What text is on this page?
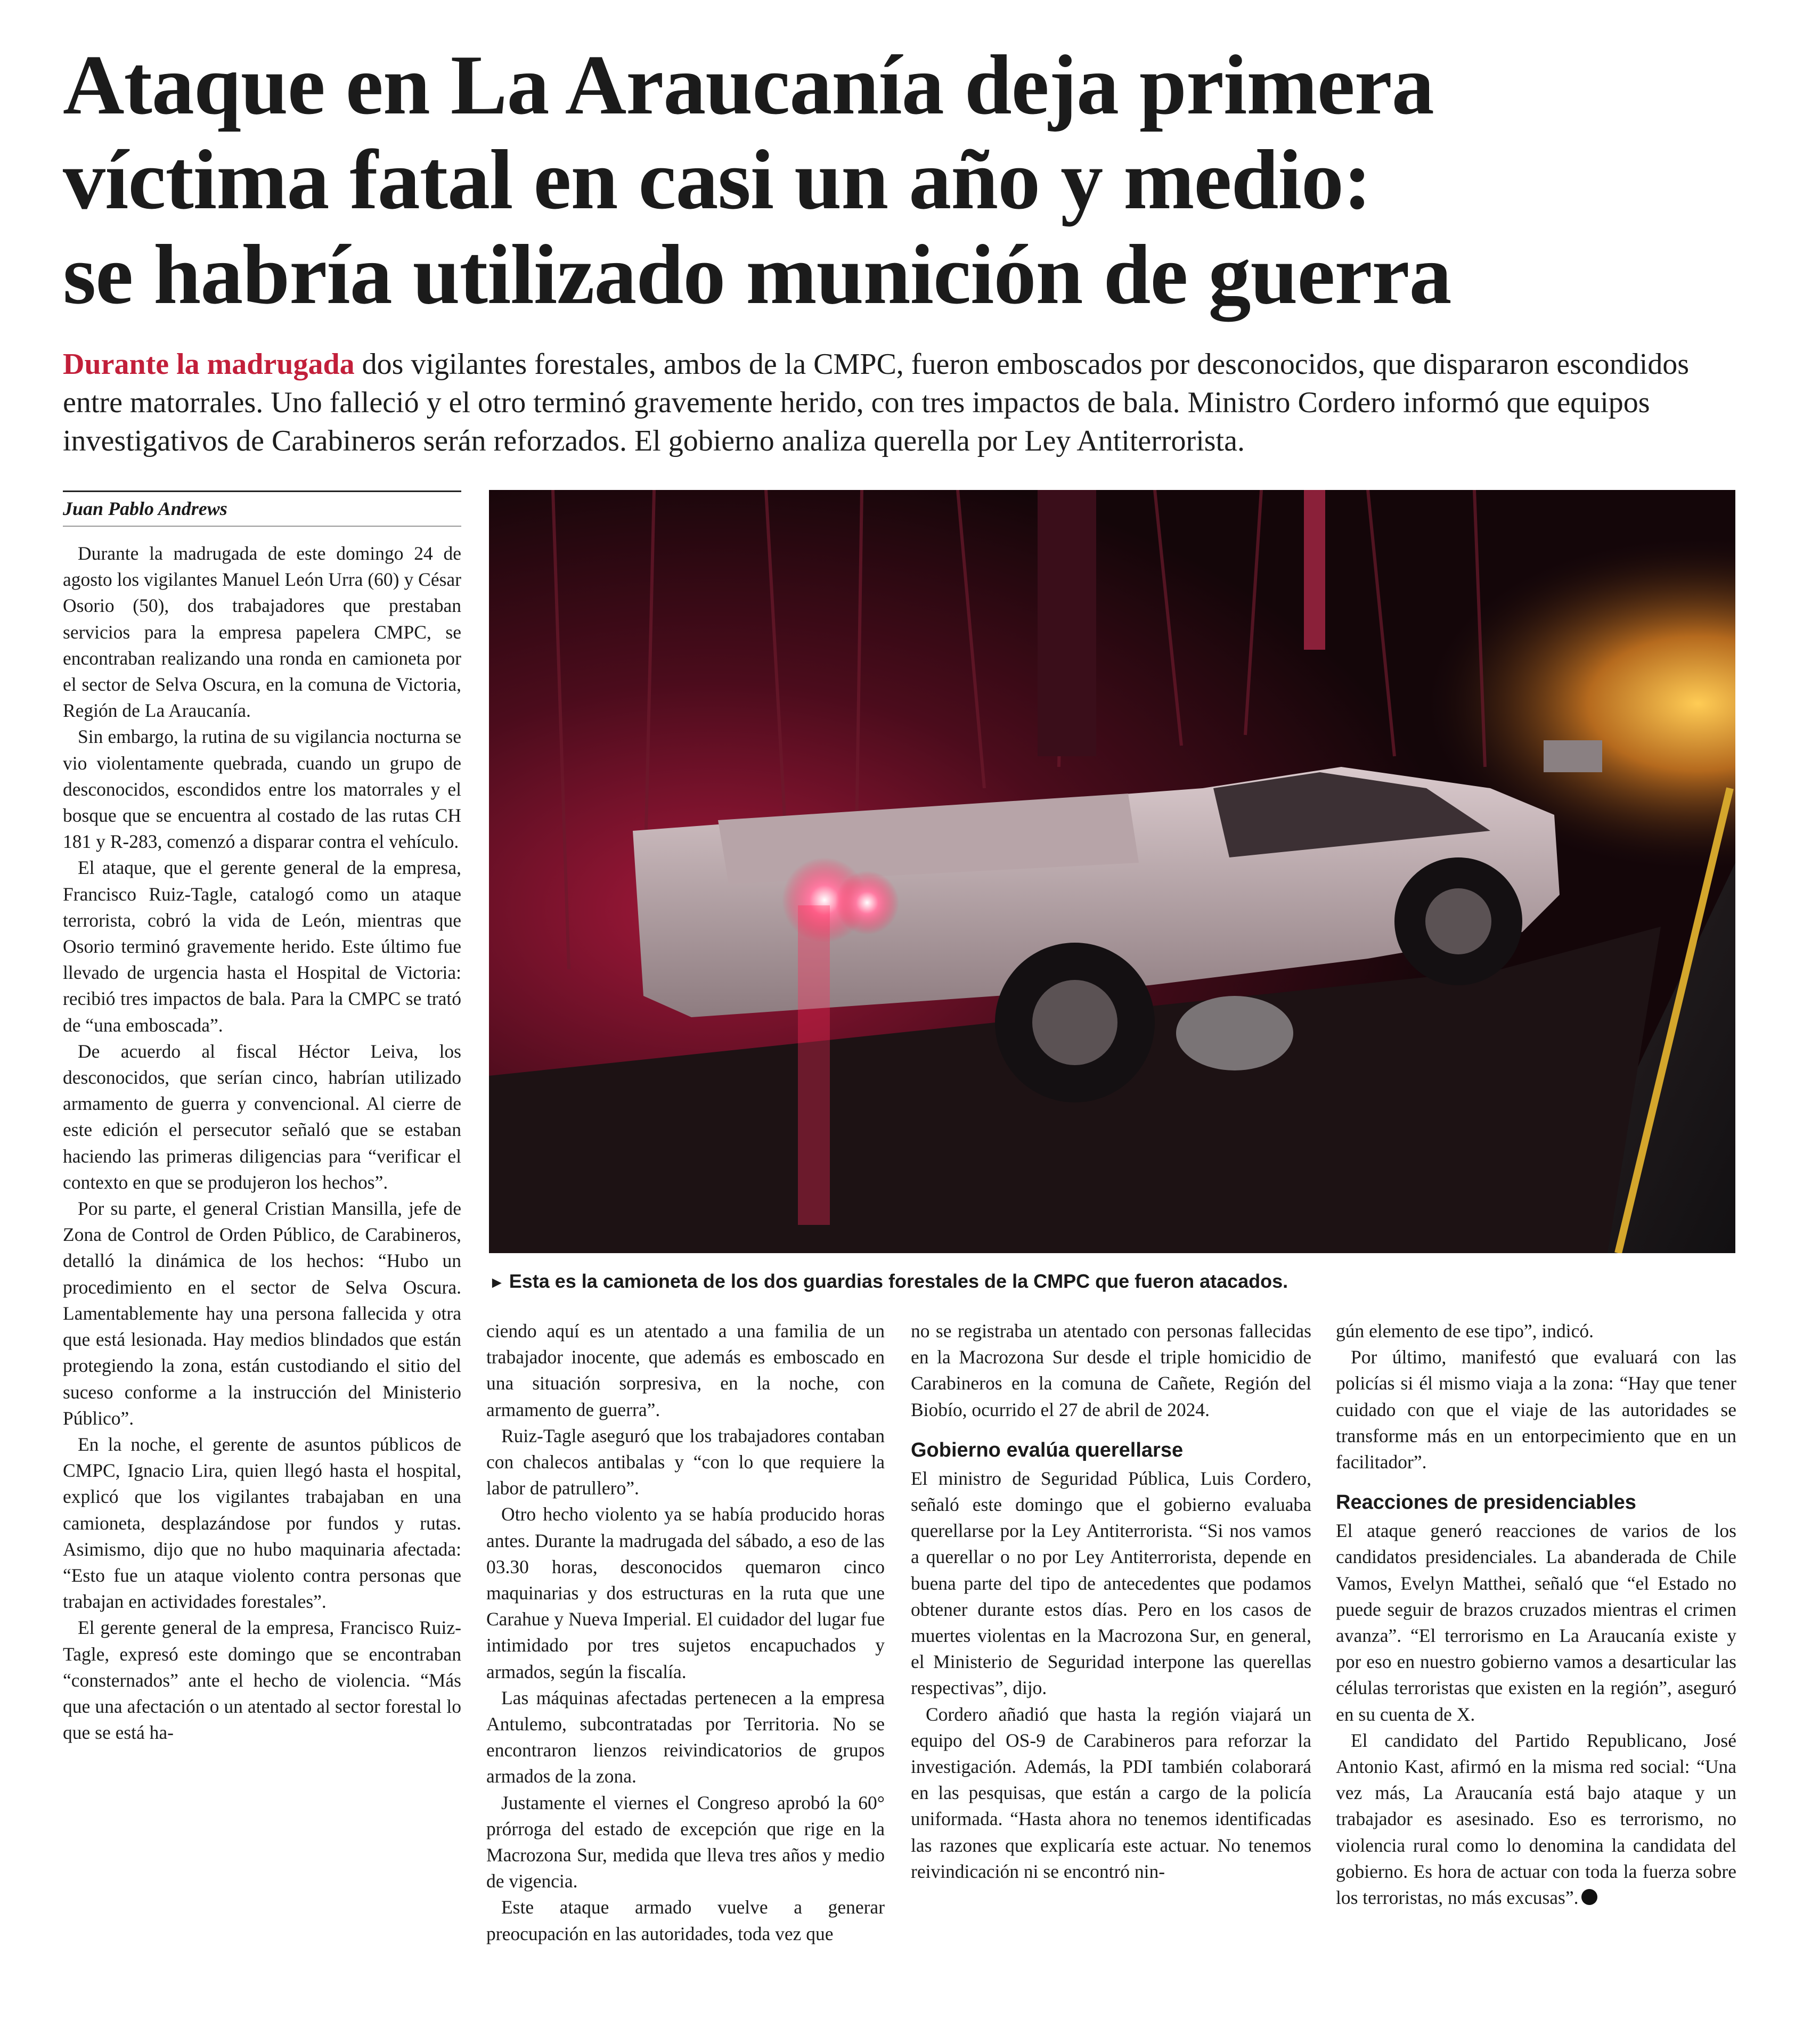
Ataque en La Araucanía deja primera
víctima fatal en casi un año y medio:
se habría utilizado munición de guerra
Durante la madrugada dos vigilantes forestales, ambos de la CMPC, fueron emboscados por desconocidos, que dispararon escondidos entre matorrales. Uno falleció y el otro terminó gravemente herido, con tres impactos de bala. Ministro Cordero informó que equipos investigativos de Carabineros serán reforzados. El gobierno analiza querella por Ley Antiterrorista.
Juan Pablo Andrews

Durante la madrugada de este domingo 24 de agosto los vigilantes Manuel León Urra (60) y César Osorio (50), dos trabajadores que prestaban servicios para la empresa papelera CMPC, se encontraban realizando una ronda en camioneta por el sector de Selva Oscura, en la comuna de Victoria, Región de La Araucanía.

Sin embargo, la rutina de su vigilancia nocturna se vio violentamente quebrada, cuando un grupo de desconocidos, escondidos entre los matorrales y el bosque que se encuentra al costado de las rutas CH 181 y R-283, comenzó a disparar contra el vehículo.

El ataque, que el gerente general de la empresa, Francisco Ruiz-Tagle, catalogó como un ataque terrorista, cobró la vida de León, mientras que Osorio terminó gravemente herido. Este último fue llevado de urgencia hasta el Hospital de Victoria: recibió tres impactos de bala. Para la CMPC se trató de “una emboscada”.

De acuerdo al fiscal Héctor Leiva, los desconocidos, que serían cinco, habrían utilizado armamento de guerra y convencional. Al cierre de este edición el persecutor señaló que se estaban haciendo las primeras diligencias para “verificar el contexto en que se produjeron los hechos”.

Por su parte, el general Cristian Mansilla, jefe de Zona de Control de Orden Público, de Carabineros, detalló la dinámica de los hechos: “Hubo un procedimiento en el sector de Selva Oscura. Lamentablemente hay una persona fallecida y otra que está lesionada. Hay medios blindados que están protegiendo la zona, están custodiando el sitio del suceso conforme a la instrucción del Ministerio Público”.

En la noche, el gerente de asuntos públicos de CMPC, Ignacio Lira, quien llegó hasta el hospital, explicó que los vigilantes trabajaban en una camioneta, desplazándose por fundos y rutas. Asimismo, dijo que no hubo maquinaria afectada: “Esto fue un ataque violento contra personas que trabajan en actividades forestales”.

El gerente general de la empresa, Francisco Ruiz-Tagle, expresó este domingo que se encontraban “consternados” ante el hecho de violencia. “Más que una afectación o un atentado al sector forestal lo que se está ha-

► Esta es la camioneta de los dos guardias forestales de la CMPC que fueron atacados.

ciendo aquí es un atentado a una familia de un trabajador inocente, que además es emboscado en una situación sorpresiva, en la noche, con armamento de guerra”.

Ruiz-Tagle aseguró que los trabajadores contaban con chalecos antibalas y “con lo que requiere la labor de patrullero”.

Otro hecho violento ya se había producido horas antes. Durante la madrugada del sábado, a eso de las 03.30 horas, desconocidos quemaron cinco maquinarias y dos estructuras en la ruta que une Carahue y Nueva Imperial. El cuidador del lugar fue intimidado por tres sujetos encapuchados y armados, según la fiscalía.

Las máquinas afectadas pertenecen a la empresa Antulemo, subcontratadas por Territoria. No se encontraron lienzos reivindicatorios de grupos armados de la zona.

Justamente el viernes el Congreso aprobó la 60° prórroga del estado de excepción que rige en la Macrozona Sur, medida que lleva tres años y medio de vigencia.

Este ataque armado vuelve a generar preocupación en las autoridades, toda vez que

no se registraba un atentado con personas fallecidas en la Macrozona Sur desde el triple homicidio de Carabineros en la comuna de Cañete, Región del Biobío, ocurrido el 27 de abril de 2024.

Gobierno evalúa querellarse

El ministro de Seguridad Pública, Luis Cordero, señaló este domingo que el gobierno evaluaba querellarse por la Ley Antiterrorista. “Si nos vamos a querellar o no por Ley Antiterrorista, depende en buena parte del tipo de antecedentes que podamos obtener durante estos días. Pero en los casos de muertes violentas en la Macrozona Sur, en general, el Ministerio de Seguridad interpone las querellas respectivas”, dijo.

Cordero añadió que hasta la región viajará un equipo del OS-9 de Carabineros para reforzar la investigación. Además, la PDI también colaborará en las pesquisas, que están a cargo de la policía uniformada. “Hasta ahora no tenemos identificadas las razones que explicaría este actuar. No tenemos reivindicación ni se encontró nin-

gún elemento de ese tipo”, indicó.

Por último, manifestó que evaluará con las policías si él mismo viaja a la zona: “Hay que tener cuidado con que el viaje de las autoridades se transforme más en un entorpecimiento que en un facilitador”.

Reacciones de presidenciables

El ataque generó reacciones de varios de los candidatos presidenciales. La abanderada de Chile Vamos, Evelyn Matthei, señaló que “el Estado no puede seguir de brazos cruzados mientras el crimen avanza”. “El terrorismo en La Araucanía existe y por eso en nuestro gobierno vamos a desarticular las células terroristas que existen en la región”, aseguró en su cuenta de X.

El candidato del Partido Republicano, José Antonio Kast, afirmó en la misma red social: “Una vez más, La Araucanía está bajo ataque y un trabajador es asesinado. Eso es terrorismo, no violencia rural como lo denomina la candidata del gobierno. Es hora de actuar con toda la fuerza sobre los terroristas, no más excusas”.
